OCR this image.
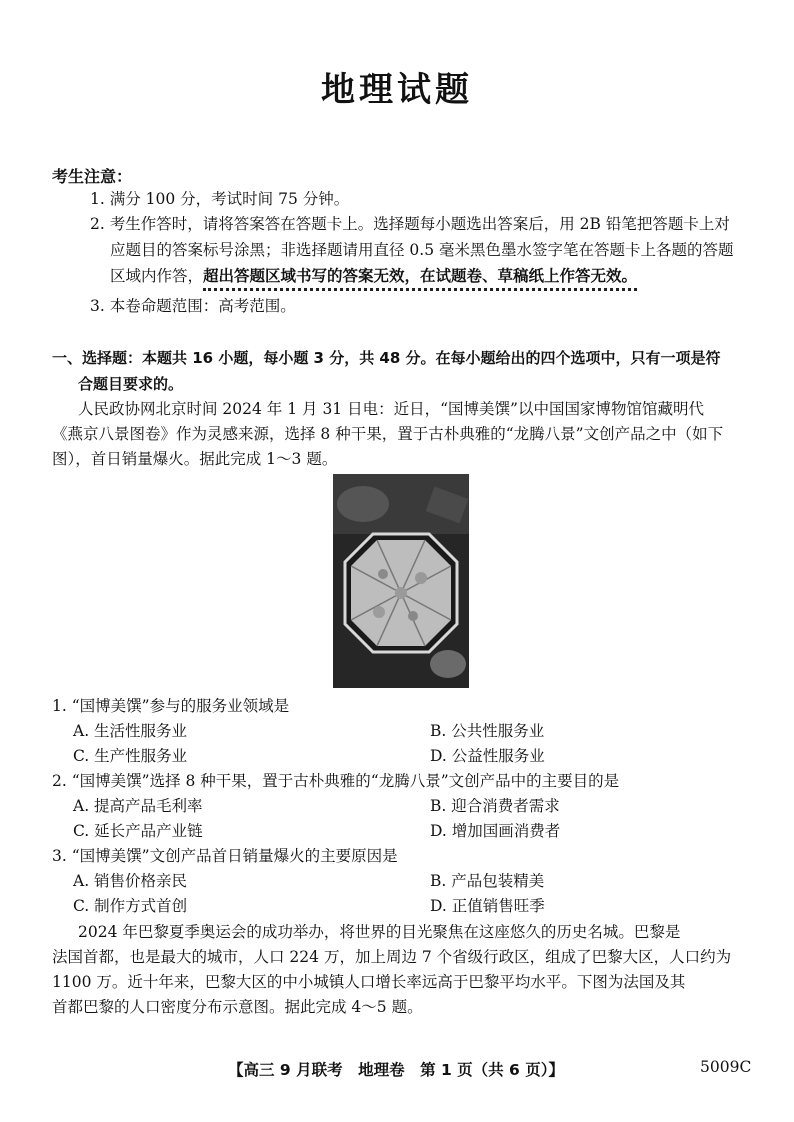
地理试题
考生注意：
1. 满分 100 分，考试时间 75 分钟。
2. 考生作答时，请将答案答在答题卡上。选择题每小题选出答案后，用 2B 铅笔把答题卡上对
应题目的答案标号涂黑；非选择题请用直径 0.5 毫米黑色墨水签字笔在答题卡上各题的答题
区域内作答，超出答题区域书写的答案无效，在试题卷、草稿纸上作答无效。
3. 本卷命题范围：高考范围。
一、选择题：本题共 16 小题，每小题 3 分，共 48 分。在每小题给出的四个选项中，只有一项是符
合题目要求的。
人民政协网北京时间 2024 年 1 月 31 日电：近日，“国博美馔”以中国国家博物馆馆藏明代
《燕京八景图卷》作为灵感来源，选择 8 种干果，置于古朴典雅的“龙腾八景”文创产品之中（如下
图），首日销量爆火。据此完成 1～3 题。
1. “国博美馔”参与的服务业领域是
A. 生活性服务业	B. 公共性服务业
C. 生产性服务业	D. 公益性服务业
2. “国博美馔”选择 8 种干果，置于古朴典雅的“龙腾八景”文创产品中的主要目的是
A. 提高产品毛利率	B. 迎合消费者需求
C. 延长产品产业链	D. 增加国画消费者
3. “国博美馔”文创产品首日销量爆火的主要原因是
A. 销售价格亲民	B. 产品包装精美
C. 制作方式首创	D. 正值销售旺季
2024 年巴黎夏季奥运会的成功举办，将世界的目光聚焦在这座悠久的历史名城。巴黎是
法国首都，也是最大的城市，人口 224 万，加上周边 7 个省级行政区，组成了巴黎大区，人口约为
1100 万。近十年来，巴黎大区的中小城镇人口增长率远高于巴黎平均水平。下图为法国及其
首都巴黎的人口密度分布示意图。据此完成 4～5 题。
【高三 9 月联考　地理卷　第 1 页（共 6 页）】	5009C
